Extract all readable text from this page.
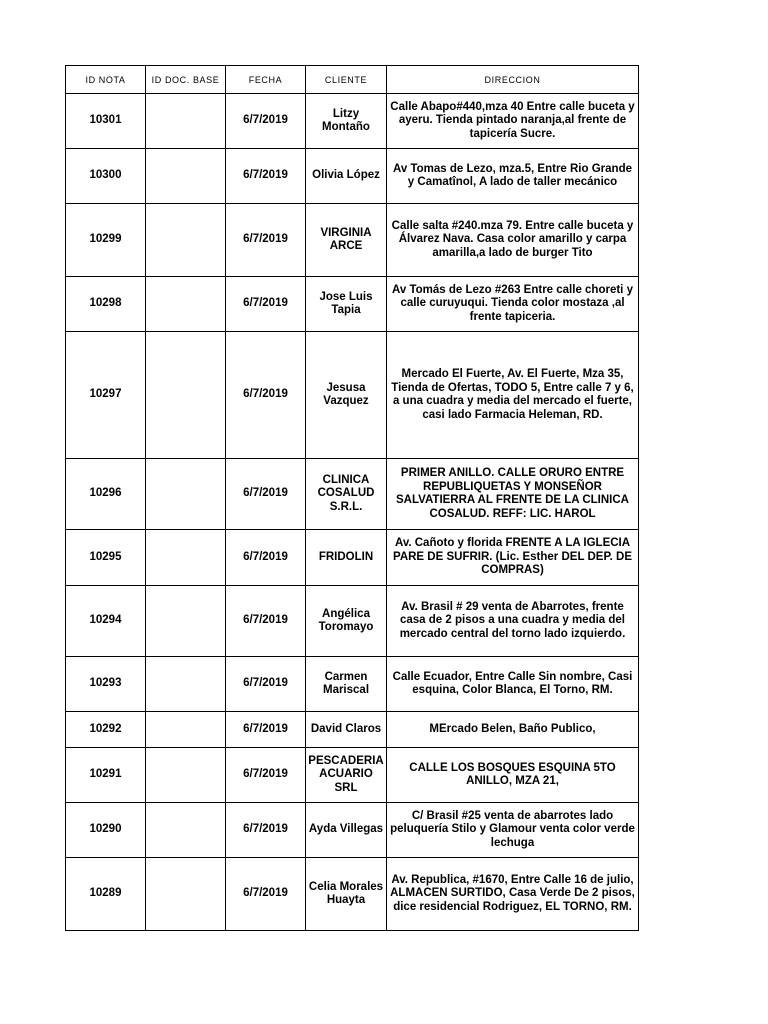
ID NOTA	ID DOC. BASE	FECHA	CLIENTE	DIRECCION
10301		6/7/2019	Litzy Montaño	Calle Abapo#440,mza 40 Entre calle buceta y ayeru. Tienda pintado naranja,al frente de tapicería Sucre.
10300		6/7/2019	Olivia López	Av Tomas de Lezo, mza.5, Entre Rio Grande y Camatînol, A lado de taller mecánico
10299		6/7/2019	VIRGINIA ARCE	Calle salta #240.mza 79. Entre calle buceta y Álvarez Nava. Casa color amarillo y carpa amarilla,a lado de burger Tito
10298		6/7/2019	Jose Luis Tapia	Av Tomás de Lezo #263 Entre calle chorеti y calle curuyuqui. Tienda color mostaza ,al frente tapiceria.
10297		6/7/2019	Jesusa Vazquez	Mercado El Fuerte, Av. El Fuerte, Mza 35, Tienda de Ofertas, TODO 5, Entre calle 7 y 6, a una cuadra y media del mercado el fuerte, casi lado Farmacia Heleman, RD.
10296		6/7/2019	CLINICA COSALUD S.R.L.	PRIMER ANILLO. CALLE ORURO ENTRE REPUBLIQUETAS Y MONSEÑOR SALVATIERRA AL FRENTE DE LA CLINICA COSALUD. REFF: LIC. HAROL
10295		6/7/2019	FRIDOLIN	Av. Cañoto y florida FRENTE A LA IGLECIA PARE DE SUFRIR. (Lic. Esther DEL DEP. DE COMPRAS)
10294		6/7/2019	Angélica Toromayo	Av. Brasil # 29 venta de Abarrotes, frente casa de 2 pisos a una cuadra y media del mercado central del torno lado izquierdo.
10293		6/7/2019	Carmen Mariscal	Calle Ecuador, Entre Calle Sin nombre, Casi esquina, Color Blanca, El Torno, RM.
10292		6/7/2019	David Claros	MErcado Belen, Baño Publico,
10291		6/7/2019	PESCADERIA ACUARIO SRL	CALLE LOS BOSQUES ESQUINA 5TO ANILLO, MZA 21,
10290		6/7/2019	Ayda Villegas	C/ Brasil #25 venta de abarrotes lado peluquería Stilo y Glamour venta color verde lechuga
10289		6/7/2019	Celia Morales Huayta	Av. Republica, #1670, Entre Calle 16 de julio, ALMACEN SURTIDO, Casa Verde De 2 pisos, dice residencial Rodriguez, EL TORNO, RM.
